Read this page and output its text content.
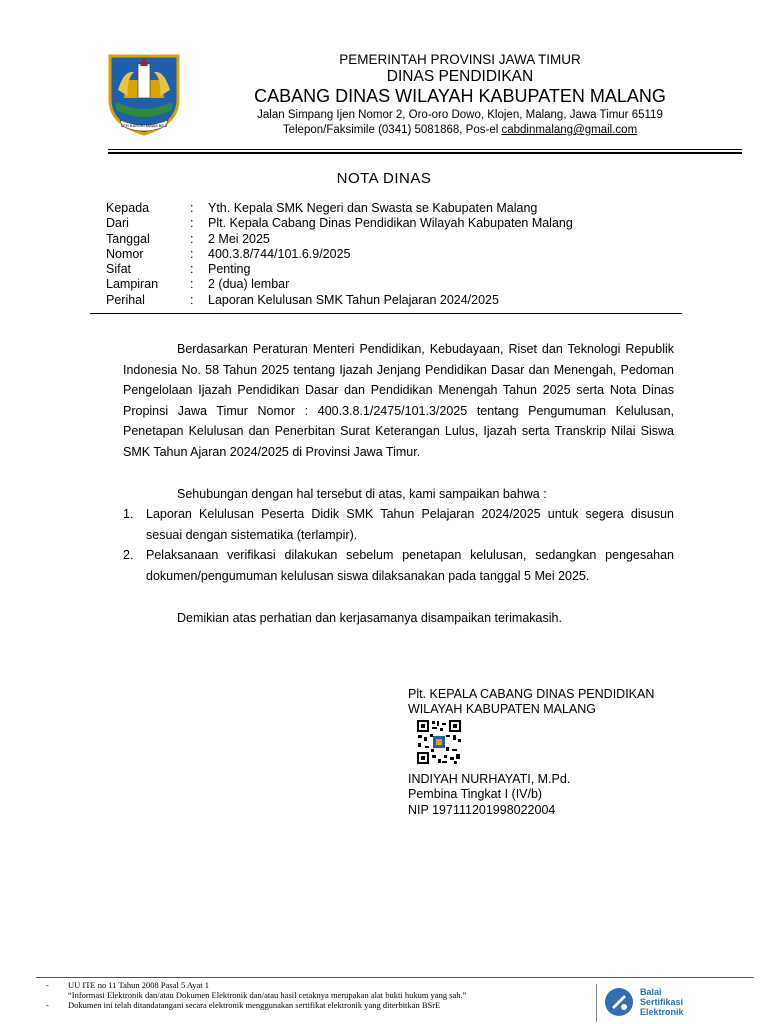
JER BASUKI MAWA BEA
PEMERINTAH PROVINSI JAWA TIMUR
DINAS PENDIDIKAN
CABANG DINAS WILAYAH KABUPATEN MALANG
Jalan Simpang Ijen Nomor 2, Oro-oro Dowo, Klojen, Malang, Jawa Timur 65119
Telepon/Faksimile (0341) 5081868, Pos-el cabdinmalang@gmail.com
NOTA DINAS
Kepada	:	Yth. Kepala SMK Negeri dan Swasta se Kabupaten Malang
Dari	:	Plt. Kepala Cabang Dinas Pendidikan Wilayah Kabupaten Malang
Tanggal	:	2 Mei 2025
Nomor	:	400.3.8/744/101.6.9/2025
Sifat	:	Penting
Lampiran	:	2 (dua) lembar
Perihal	:	Laporan Kelulusan SMK Tahun Pelajaran 2024/2025

Berdasarkan Peraturan Menteri Pendidikan, Kebudayaan, Riset dan Teknologi Republik Indonesia No. 58 Tahun 2025 tentang Ijazah Jenjang Pendidikan Dasar dan Menengah, Pedoman Pengelolaan Ijazah Pendidikan Dasar dan Pendidikan Menengah Tahun 2025 serta Nota Dinas Propinsi Jawa Timur Nomor : 400.3.8.1/2475/101.3/2025 tentang Pengumuman Kelulusan, Penetapan Kelulusan dan Penerbitan Surat Keterangan Lulus, Ijazah serta Transkrip Nilai Siswa SMK Tahun Ajaran 2024/2025 di Provinsi Jawa Timur.

Sehubungan dengan hal tersebut di atas, kami sampaikan bahwa :

1. Laporan Kelulusan Peserta Didik SMK Tahun Pelajaran 2024/2025 untuk segera disusun sesuai dengan sistematika (terlampir).
2. Pelaksanaan verifikasi dilakukan sebelum penetapan kelulusan, sedangkan pengesahan dokumen/pengumuman kelulusan siswa dilaksanakan pada tanggal 5 Mei 2025.

Demikian atas perhatian dan kerjasamanya disampaikan terimakasih.

Plt. KEPALA CABANG DINAS PENDIDIKAN
WILAYAH KABUPATEN MALANG
INDIYAH NURHAYATI, M.Pd.
Pembina Tingkat I (IV/b)
NIP 197111201998022004
-	UU ITE no 11 Tahun 2008 Pasal 5 Ayat 1
“Informasi Elektronik dan/atau Dokumen Elektronik dan/atau hasil cetaknya merupakan alat bukti hukum yang sah.”
-	Dokumen ini telah ditandatangani secara elektronik menggunakan sertifikat elektronik yang diterbitkan BSrE
Balai
Sertifikasi
Elektronik
